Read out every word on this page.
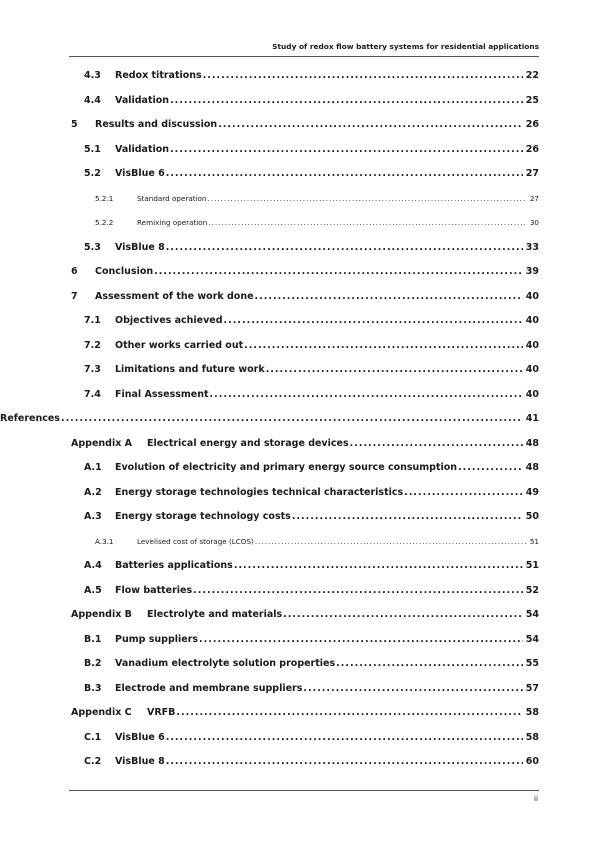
Study of redox flow battery systems for residential applications
4.3	Redox titrations .....	22
4.4	Validation .....	25
5	Results and discussion .....	26
5.1	Validation .....	26
5.2	VisBlue 6 .....	27
5.2.1	Standard operation .....	27
5.2.2	Remixing operation .....	30
5.3	VisBlue 8 .....	33
6	Conclusion .....	39
7	Assessment of the work done .....	40
7.1	Objectives achieved .....	40
7.2	Other works carried out .....	40
7.3	Limitations and future work .....	40
7.4	Final Assessment .....	40
References .....	41
Appendix A	Electrical energy and storage devices .....	48
A.1	Evolution of electricity and primary energy source consumption .....	48
A.2	Energy storage technologies technical characteristics .....	49
A.3	Energy storage technology costs .....	50
A.3.1	Levelised cost of storage (LCOS) .....	51
A.4	Batteries applications .....	51
A.5	Flow batteries .....	52
Appendix B	Electrolyte and materials .....	54
B.1	Pump suppliers .....	54
B.2	Vanadium electrolyte solution properties .....	55
B.3	Electrode and membrane suppliers .....	57
Appendix C	VRFB .....	58
C.1	VisBlue 6 .....	58
C.2	VisBlue 8 .....	60
ii
